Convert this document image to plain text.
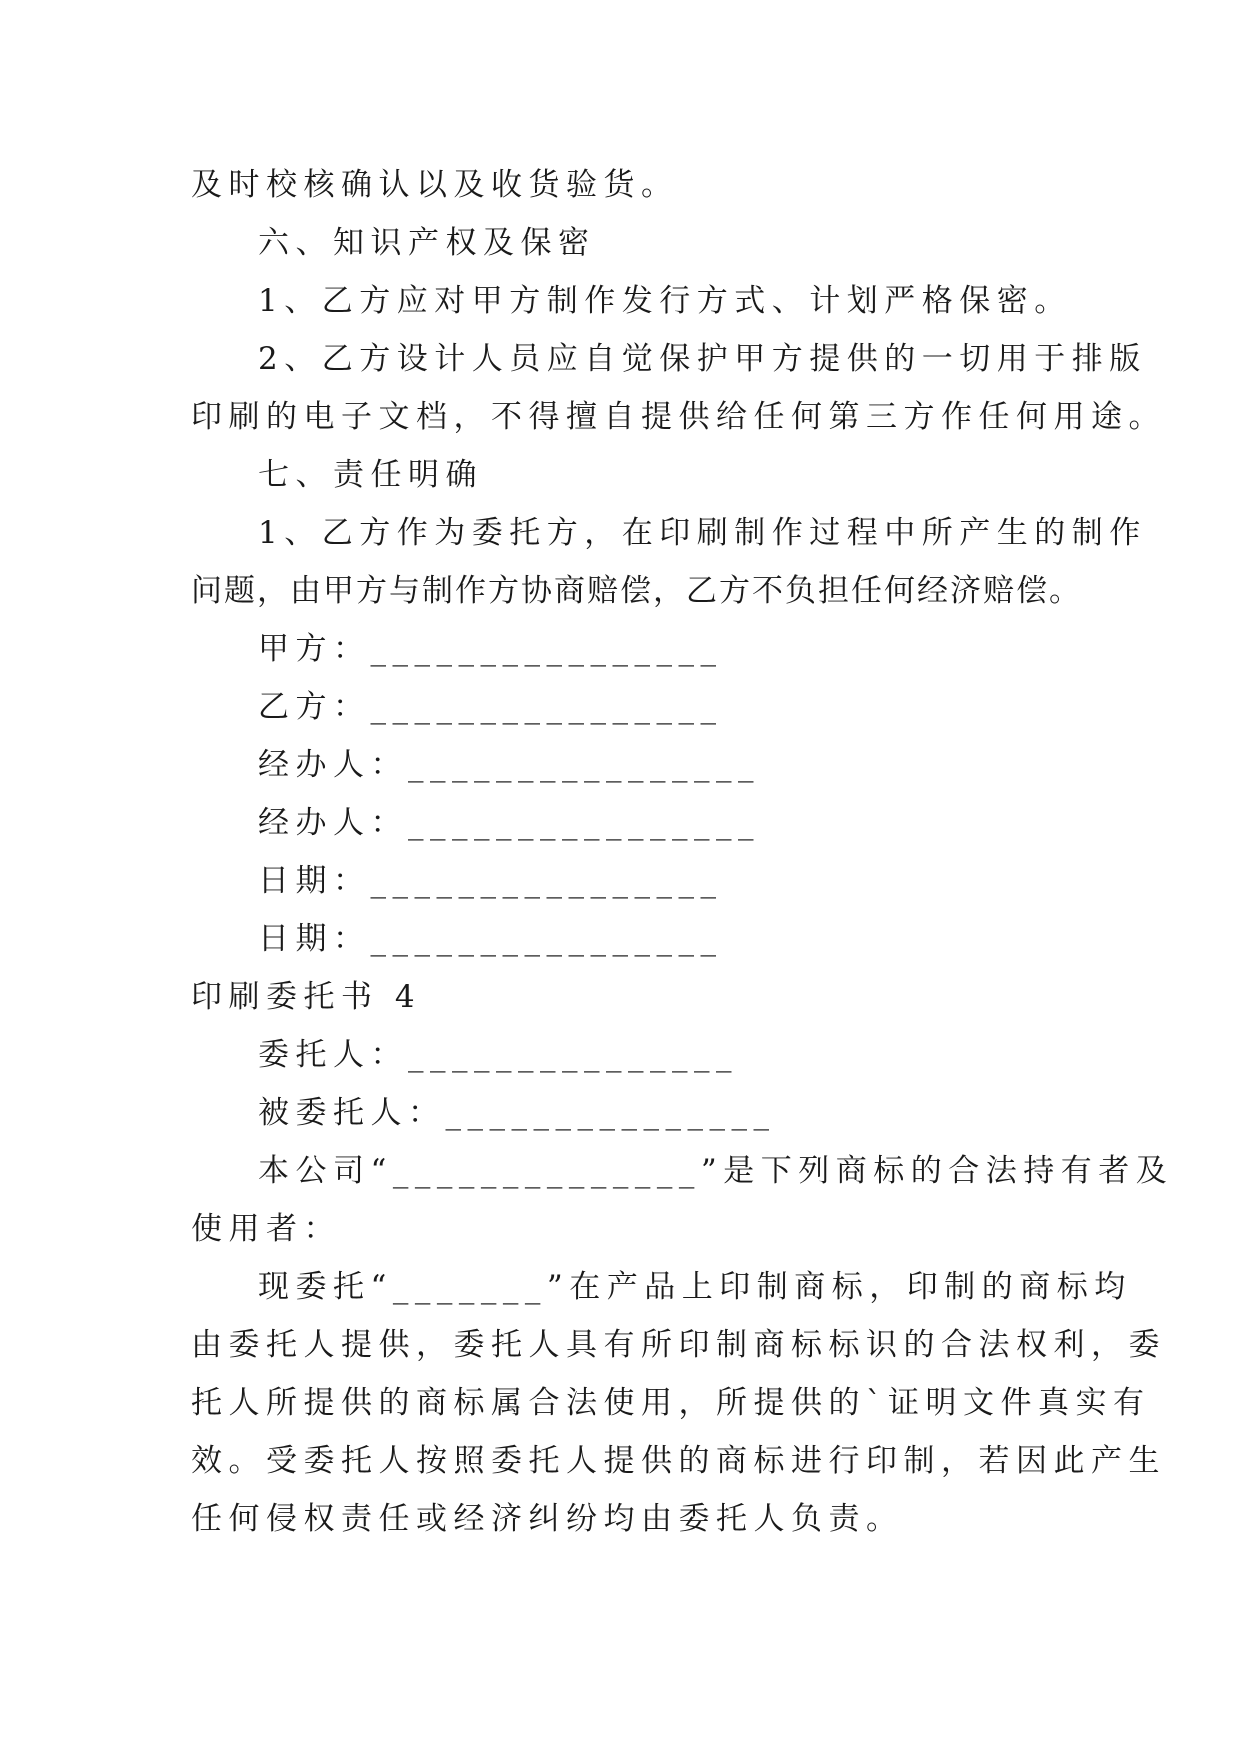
及时校核确认以及收货验货。
六、知识产权及保密
1、乙方应对甲方制作发行方式、计划严格保密。
2、乙方设计人员应自觉保护甲方提供的一切用于排版
印刷的电子文档，不得擅自提供给任何第三方作任何用途。
七、责任明确
1、乙方作为委托方，在印刷制作过程中所产生的制作
问题，由甲方与制作方协商赔偿，乙方不负担任何经济赔偿。
甲方：________________
乙方：________________
经办人：________________
经办人：________________
日期：________________
日期：________________
印刷委托书 4
委托人：_______________
被委托人：_______________
本公司“______________”是下列商标的合法持有者及
使用者：
现委托“_______”在产品上印制商标，印制的商标均
由委托人提供，委托人具有所印制商标标识的合法权利，委
托人所提供的商标属合法使用，所提供的`证明文件真实有
效。受委托人按照委托人提供的商标进行印制，若因此产生
任何侵权责任或经济纠纷均由委托人负责。
